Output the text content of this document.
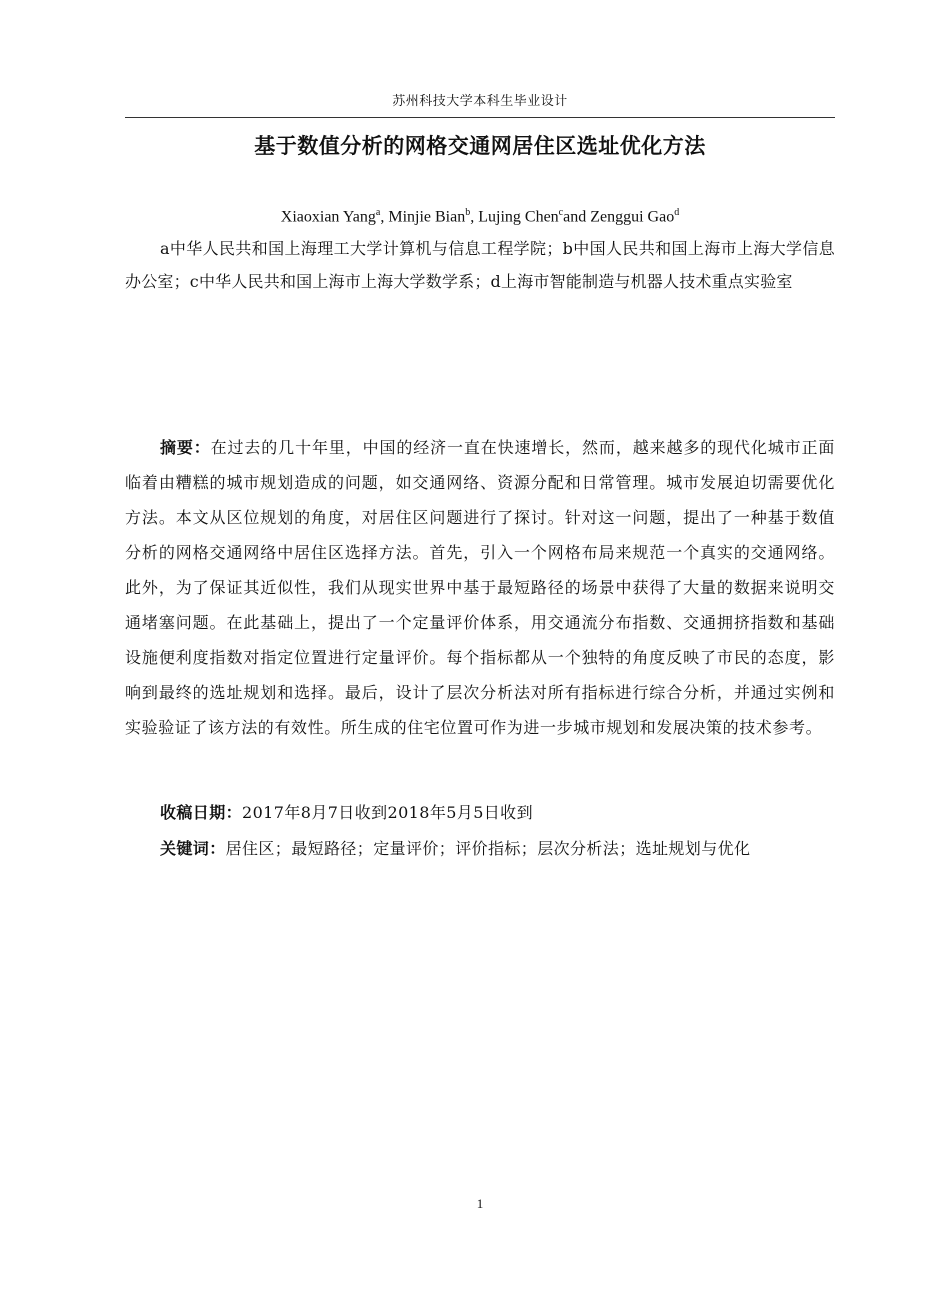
苏州科技大学本科生毕业设计
基于数值分析的网格交通网居住区选址优化方法
Xiaoxian Yang$^a$, Minjie Bian$^b$, Lujing Chen$^c$and Zenggui Gao$^d$
a中华人民共和国上海理工大学计算机与信息工程学院；b中国人民共和国上海市上海大学信息办公室；c中华人民共和国上海市上海大学数学系；d上海市智能制造与机器人技术重点实验室
摘要：在过去的几十年里，中国的经济一直在快速增长，然而，越来越多的现代化城市正面临着由糟糕的城市规划造成的问题，如交通网络、资源分配和日常管理。城市发展迫切需要优化方法。本文从区位规划的角度，对居住区问题进行了探讨。针对这一问题，提出了一种基于数值分析的网格交通网络中居住区选择方法。首先，引入一个网格布局来规范一个真实的交通网络。此外，为了保证其近似性，我们从现实世界中基于最短路径的场景中获得了大量的数据来说明交通堵塞问题。在此基础上，提出了一个定量评价体系，用交通流分布指数、交通拥挤指数和基础设施便利度指数对指定位置进行定量评价。每个指标都从一个独特的角度反映了市民的态度，影响到最终的选址规划和选择。最后，设计了层次分析法对所有指标进行综合分析，并通过实例和实验验证了该方法的有效性。所生成的住宅位置可作为进一步城市规划和发展决策的技术参考。
收稿日期：2017年8月7日收到2018年5月5日收到
关键词：居住区；最短路径；定量评价；评价指标；层次分析法；选址规划与优化
1
